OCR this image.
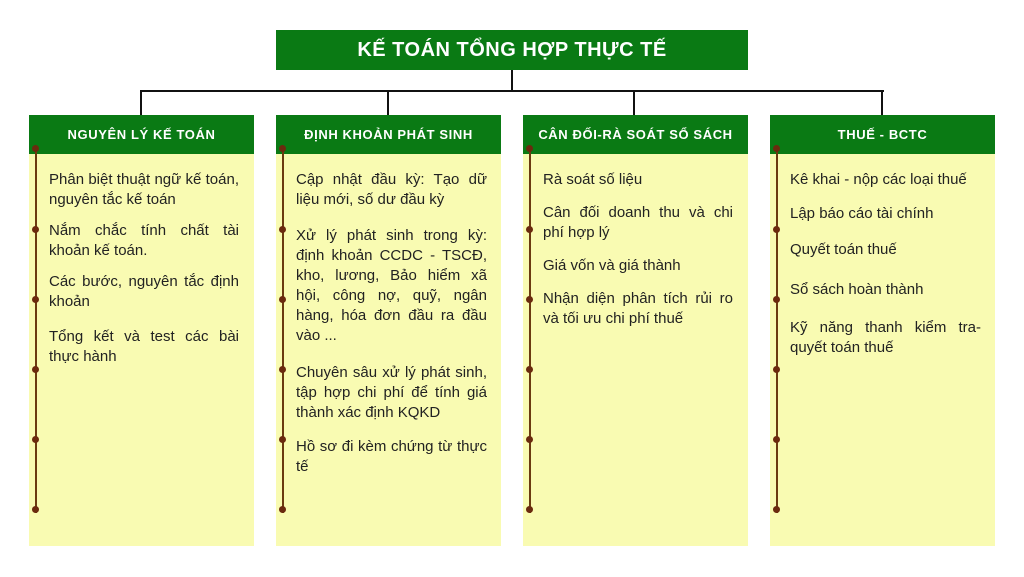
KẾ TOÁN TỔNG HỢP THỰC TẾ
NGUYÊN LÝ KẾ TOÁN

Phân biệt thuật ngữ kế toán, nguyên tắc kế toán

Nắm chắc tính chất tài khoản kế toán.

Các bước, nguyên tắc định khoản

Tổng kết và test các bài thực hành

ĐỊNH KHOẢN PHÁT SINH

Cập nhật đầu kỳ: Tạo dữ liệu mới, số dư đầu kỳ

Xử lý phát sinh trong kỳ: định khoản CCDC - TSCĐ, kho, lương, Bảo hiểm xã hội, công nợ, quỹ, ngân hàng, hóa đơn đầu ra đầu vào ...

Chuyên sâu xử lý phát sinh, tập hợp chi phí để tính giá thành xác định KQKD

Hồ sơ đi kèm chứng từ thực tế

CÂN ĐỐI-RÀ SOÁT SỔ SÁCH

Rà soát số liệu

Cân đối doanh thu và chi phí hợp lý

Giá vốn và giá thành

Nhận diện phân tích rủi ro và tối ưu chi phí thuế

THUẾ - BCTC

Kê khai - nộp các loại thuế

Lập báo cáo tài chính

Quyết toán thuế

Sổ sách hoàn thành

Kỹ năng thanh kiểm tra- quyết toán thuế
